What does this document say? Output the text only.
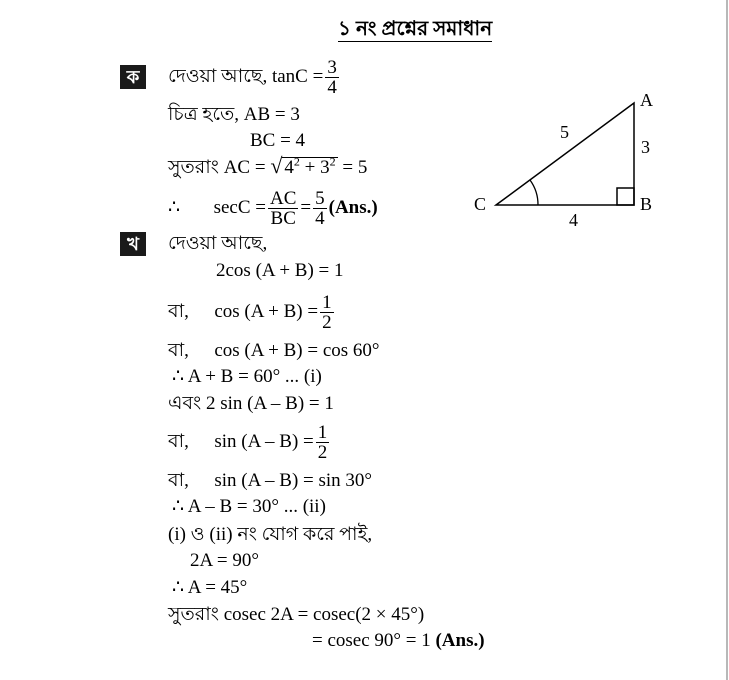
১ নং প্রশ্নের সমাধান
ক	দেওয়া আছে, $\tan C = \frac{3}{4}$
চিত্র হতে, AB = 3
BC = 4
সুতরাং AC = √ $4^2 + 3^2 = 5$
∴ $\sec C = \frac{AC}{BC} = \frac{5}{4} (Ans.)$
A
B
C
5
3
4
খ	দেওয়া আছে,
2cos (A + B) = 1
বা, $\cos (A + B) = \frac{1}{2}$
বা, cos (A + B) = cos 60°
∴ A + B = 60° ... (i)
এবং 2 sin (A – B) = 1
বা, $\sin (A - B) = \frac{1}{2}$
বা, sin (A – B) = sin 30°
∴ A – B = 30° ... (ii)
(i) ও (ii) নং যোগ করে পাই,
2A = 90°
∴ A = 45°
সুতরাং cosec 2A = cosec(2 × 45°)
= cosec 90° = 1 (Ans.)
